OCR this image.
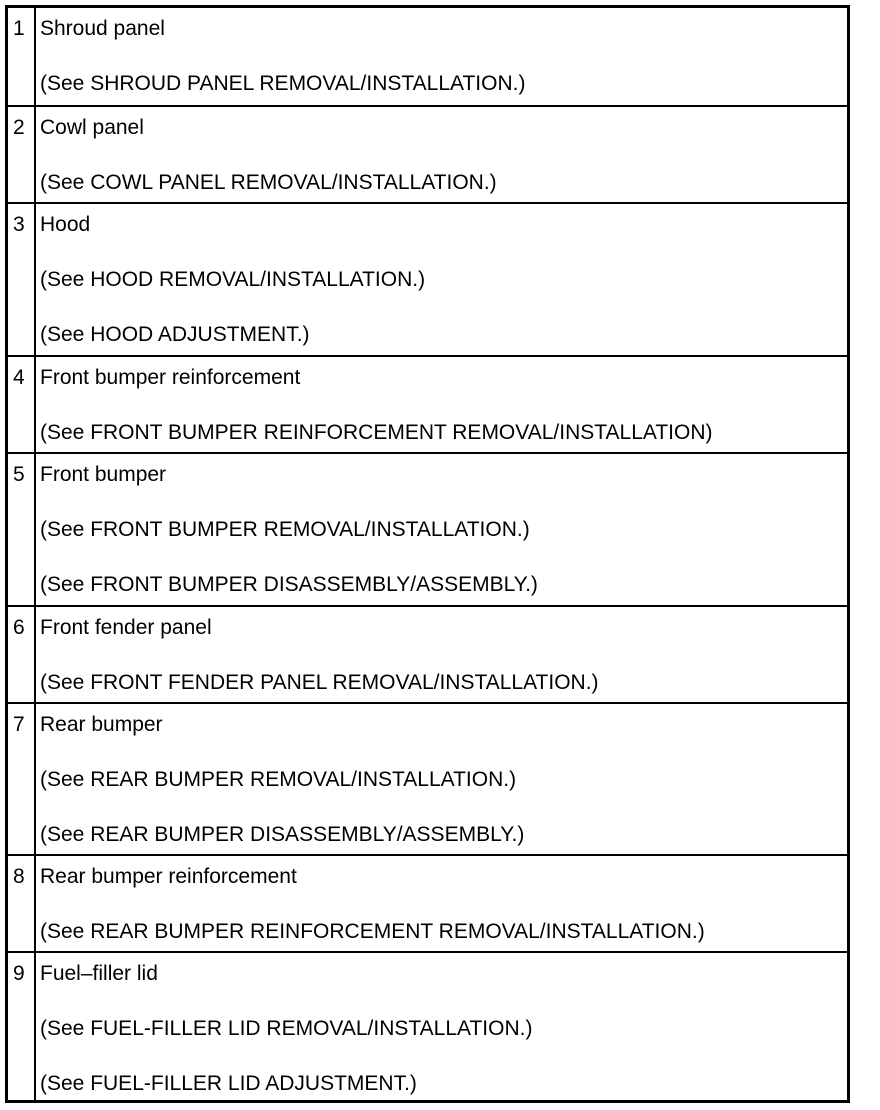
1 Shroud panel
(See SHROUD PANEL REMOVAL/INSTALLATION.)
2 Cowl panel
(See COWL PANEL REMOVAL/INSTALLATION.)
3 Hood
(See HOOD REMOVAL/INSTALLATION.)
(See HOOD ADJUSTMENT.)
4 Front bumper reinforcement
(See FRONT BUMPER REINFORCEMENT REMOVAL/INSTALLATION)
5 Front bumper
(See FRONT BUMPER REMOVAL/INSTALLATION.)
(See FRONT BUMPER DISASSEMBLY/ASSEMBLY.)
6 Front fender panel
(See FRONT FENDER PANEL REMOVAL/INSTALLATION.)
7 Rear bumper
(See REAR BUMPER REMOVAL/INSTALLATION.)
(See REAR BUMPER DISASSEMBLY/ASSEMBLY.)
8 Rear bumper reinforcement
(See REAR BUMPER REINFORCEMENT REMOVAL/INSTALLATION.)
9 Fuel–filler lid
(See FUEL-FILLER LID REMOVAL/INSTALLATION.)
(See FUEL-FILLER LID ADJUSTMENT.)
